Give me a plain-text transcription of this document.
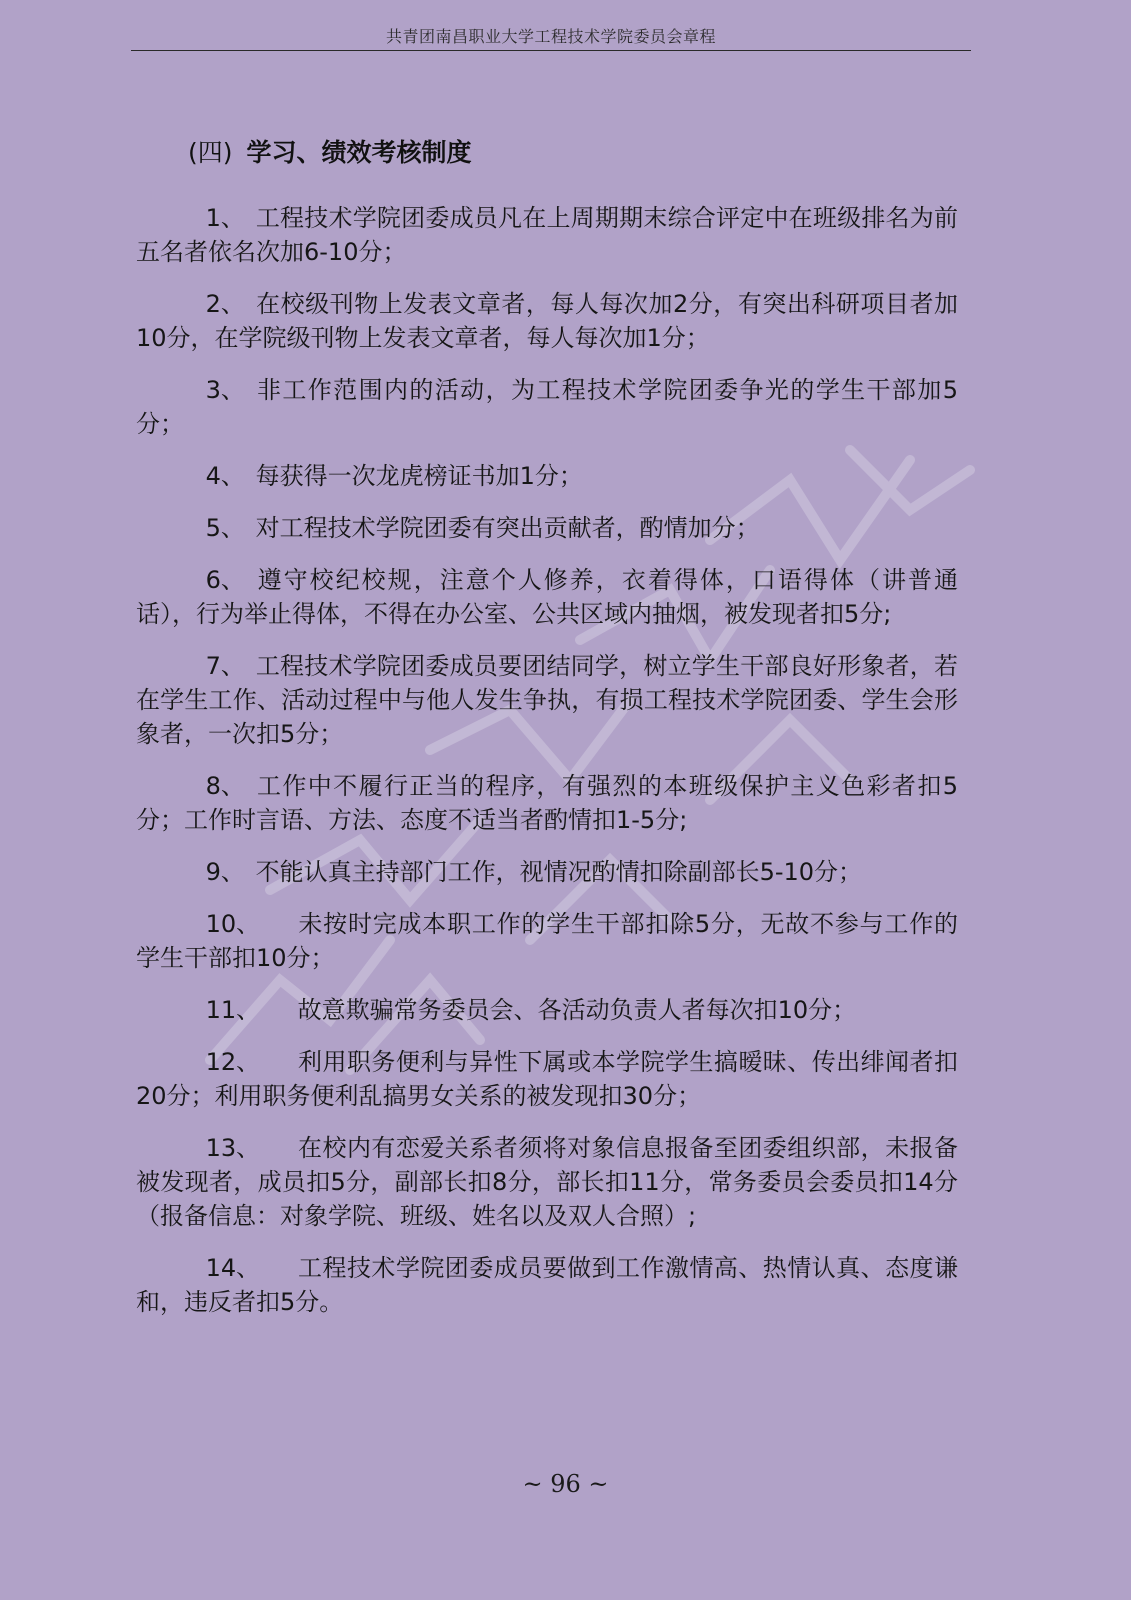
共青团南昌职业大学工程技术学院委员会章程
(四) 学习、绩效考核制度
1、 工程技术学院团委成员凡在上周期期末综合评定中在班级排名为前五名者依名次加6-10分；
2、 在校级刊物上发表文章者，每人每次加2分，有突出科研项目者加10分，在学院级刊物上发表文章者，每人每次加1分；
3、 非工作范围内的活动，为工程技术学院团委争光的学生干部加5分；
4、 每获得一次龙虎榜证书加1分；
5、 对工程技术学院团委有突出贡献者，酌情加分；
6、 遵守校纪校规，注意个人修养，衣着得体，口语得体（讲普通话），行为举止得体，不得在办公室、公共区域内抽烟，被发现者扣5分;
7、 工程技术学院团委成员要团结同学，树立学生干部良好形象者，若在学生工作、活动过程中与他人发生争执，有损工程技术学院团委、学生会形象者，一次扣5分；
8、 工作中不履行正当的程序，有强烈的本班级保护主义色彩者扣5分；工作时言语、方法、态度不适当者酌情扣1-5分;
9、 不能认真主持部门工作，视情况酌情扣除副部长5-10分；
10、 未按时完成本职工作的学生干部扣除5分，无故不参与工作的学生干部扣10分；
11、 故意欺骗常务委员会、各活动负责人者每次扣10分；
12、 利用职务便利与异性下属或本学院学生搞暧昧、传出绯闻者扣20分；利用职务便利乱搞男女关系的被发现扣30分；
13、 在校内有恋爱关系者须将对象信息报备至团委组织部，未报备被发现者，成员扣5分，副部长扣8分，部长扣11分，常务委员会委员扣14分（报备信息：对象学院、班级、姓名以及双人合照）;
14、 工程技术学院团委成员要做到工作激情高、热情认真、态度谦和，违反者扣5分。
~ 96 ~
